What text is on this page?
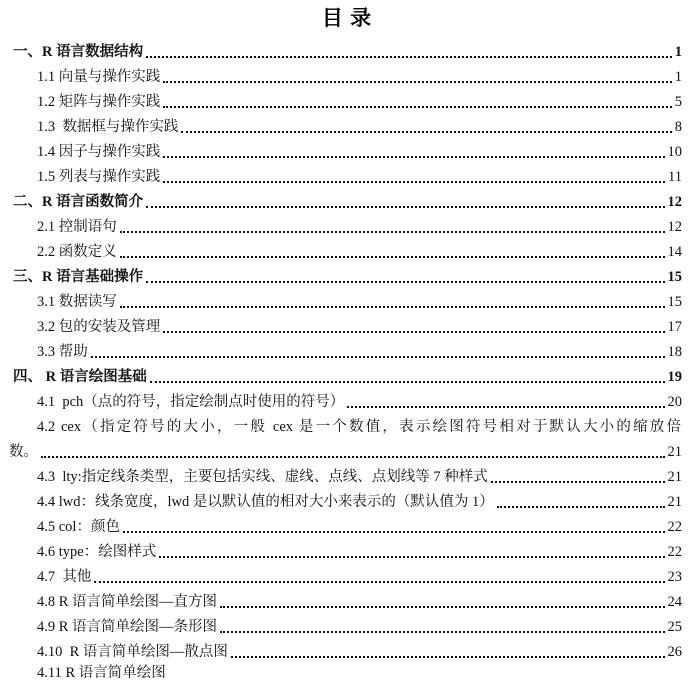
目 录
一、R 语言数据结构	1
1.1 向量与操作实践	1
1.2 矩阵与操作实践	5
1.3  数据框与操作实践	8
1.4 因子与操作实践	10
1.5 列表与操作实践	11
二、R 语言函数简介	12
2.1 控制语句	12
2.2 函数定义	14
三、R 语言基础操作	15
3.1 数据读写	15
3.2 包的安装及管理	17
3.3 帮助	18
四、 R 语言绘图基础	19
4.1  pch（点的符号，指定绘制点时使用的符号）	20
4.2 cex（指定符号的大小，一般 cex 是一个数值，表示绘图符号相对于默认大小的缩放倍
数。	21
4.3  lty:指定线条类型，主要包括实线、虚线、点线、点划线等 7 种样式	21
4.4 lwd：线条宽度，lwd 是以默认值的相对大小来表示的（默认值为 1）	21
4.5 col：颜色	22
4.6 type：绘图样式	22
4.7  其他	23
4.8 R 语言简单绘图—直方图	24
4.9 R 语言简单绘图—条形图	25
4.10  R 语言简单绘图—散点图	26
4.11 R 语言简单绘图
